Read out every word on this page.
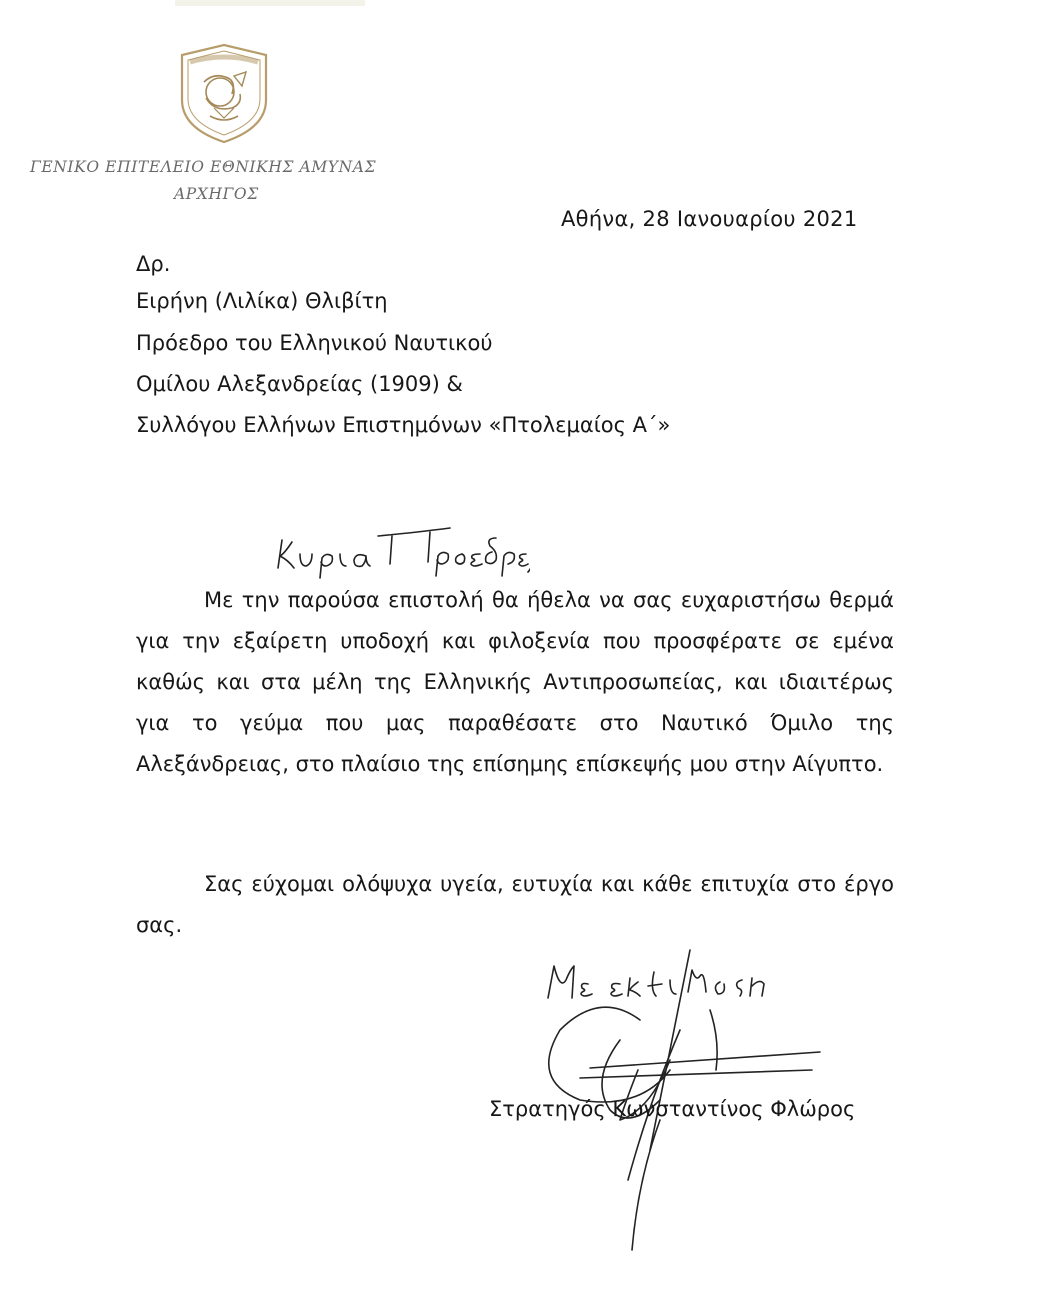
ΓΕΝΙΚΟ ΕΠΙΤΕΛΕΙΟ ΕΘΝΙΚΗΣ ΑΜΥΝΑΣ
ΑΡΧΗΓΟΣ
Αθήνα, 28 Ιανουαρίου 2021
Δρ.
Ειρήνη (Λιλίκα) Θλιβίτη
Πρόεδρο του Ελληνικού Ναυτικού
Ομίλου Αλεξανδρείας (1909) &
Συλλόγου Ελλήνων Επιστημόνων «Πτολεμαίος Α΄»
Με την παρούσα επιστολή θα ήθελα να σας ευχαριστήσω θερμά για την εξαίρετη υποδοχή και φιλοξενία που προσφέρατε σε εμένα καθώς και στα μέλη της Ελληνικής Αντιπροσωπείας, και ιδιαιτέρως για το γεύμα που μας παραθέσατε στο Ναυτικό Όμιλο της Αλεξάνδρειας, στο πλαίσιο της επίσημης επίσκεψής μου στην Αίγυπτο.
Σας εύχομαι ολόψυχα υγεία, ευτυχία και κάθε επιτυχία στο έργο σας.
Στρατηγός Κωνσταντίνος Φλώρος
